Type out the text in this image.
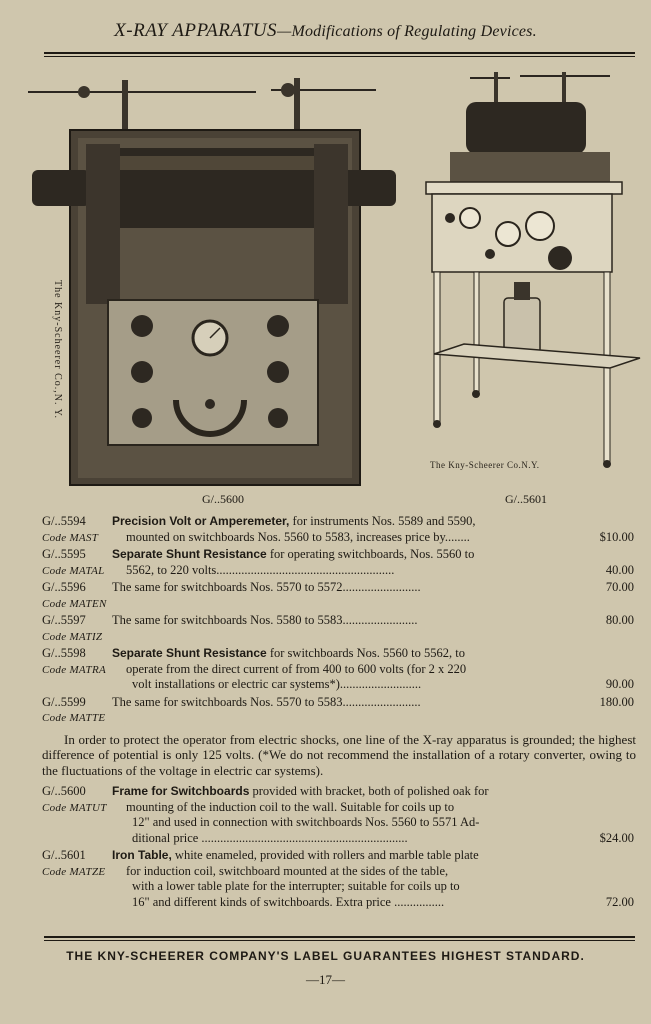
X-RAY APPARATUS—Modifications of Regulating Devices.
The Kny-Scheerer Co.,N. Y.
The Kny-Scheerer Co.N.Y.
G/..5600	G/..5601
G/..5594 Precision Volt or Amperemeter, for instruments Nos. 5589 and 5590,
Code MAST mounted on switchboards Nos. 5560 to 5583, increases price by........	$10.00
G/..5595 Separate Shunt Resistance for operating switchboards, Nos. 5560 to
Code MATAL 5562, to 220 volts.........................................................	40.00
G/..5596 The same for switchboards Nos. 5570 to 5572.........................	70.00
Code MATEN
G/..5597 The same for switchboards Nos. 5580 to 5583........................	80.00
Code MATIZ
G/..5598 Separate Shunt Resistance for switchboards Nos. 5560 to 5562, to
Code MATRA operate from the direct current of from 400 to 600 volts (for 2 x 220
volt installations or electric car systems*)..........................	90.00
G/..5599 The same for switchboards Nos. 5570 to 5583.........................	180.00
Code MATTE
In order to protect the operator from electric shocks, one line of the X-ray apparatus is grounded; the highest difference of potential is only 125 volts. (*We do not recommend the installation of a rotary converter, owing to the fluctuations of the voltage in electric car systems).
G/..5600 Frame for Switchboards provided with bracket, both of polished oak for
Code MATUT mounting of the induction coil to the wall. Suitable for coils up to
12" and used in connection with switchboards Nos. 5560 to 5571 Ad-
ditional price ..................................................................	$24.00
G/..5601 Iron Table, white enameled, provided with rollers and marble table plate
Code MATZE for induction coil, switchboard mounted at the sides of the table,
with a lower table plate for the interrupter; suitable for coils up to
16" and different kinds of switchboards. Extra price ................	72.00
THE KNY-SCHEERER COMPANY'S LABEL GUARANTEES HIGHEST STANDARD.
—17—
